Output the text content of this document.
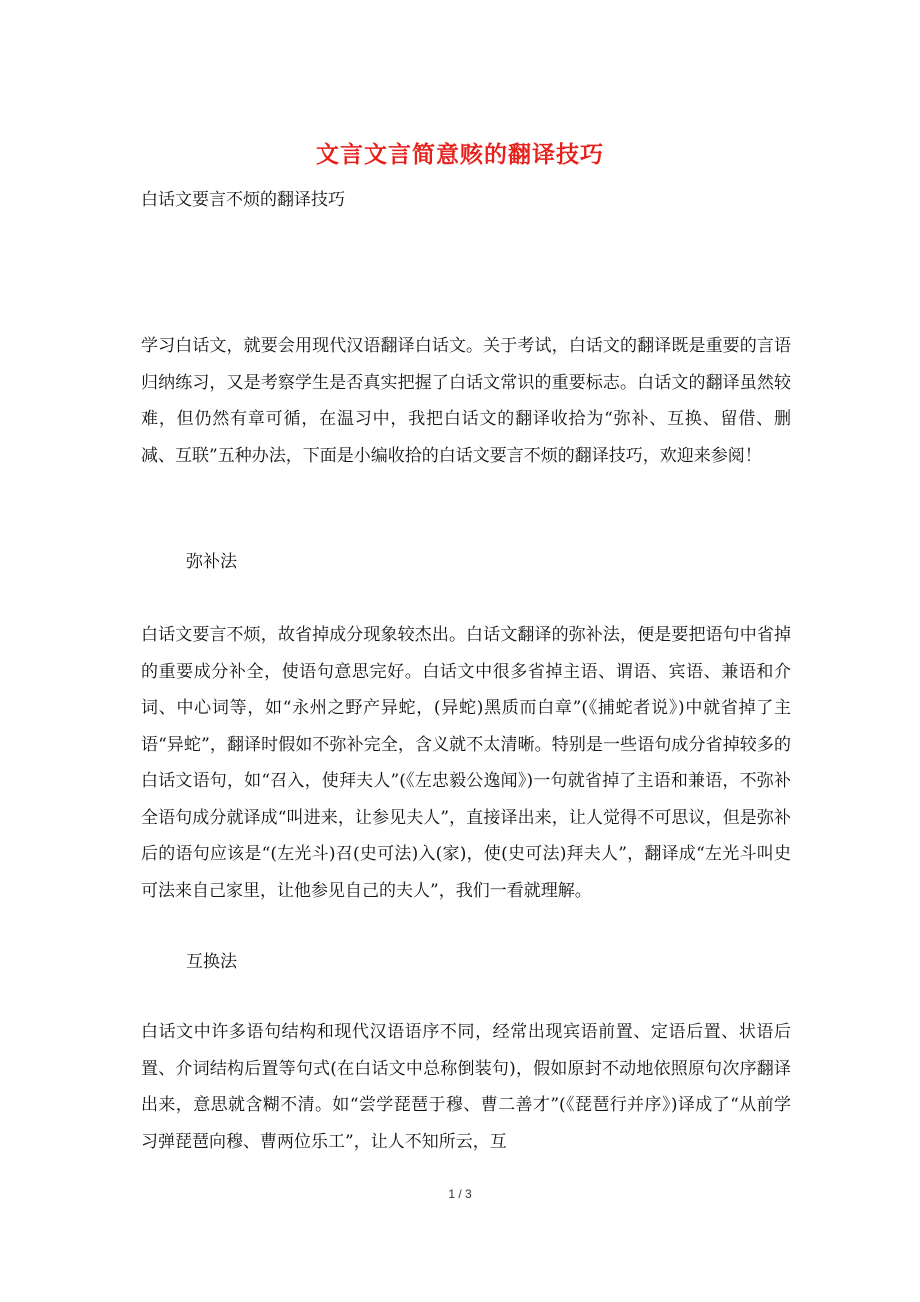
文言文言简意赅的翻译技巧
白话文要言不烦的翻译技巧

学习白话文，就要会用现代汉语翻译白话文。关于考试，白话文的翻译既是重要的言语归纳练习，又是考察学生是否真实把握了白话文常识的重要标志。白话文的翻译虽然较难，但仍然有章可循，在温习中，我把白话文的翻译收拾为“弥补、互换、留借、删减、互联”五种办法，下面是小编收拾的白话文要言不烦的翻译技巧，欢迎来参阅！

弥补法

白话文要言不烦，故省掉成分现象较杰出。白话文翻译的弥补法，便是要把语句中省掉的重要成分补全，使语句意思完好。白话文中很多省掉主语、谓语、宾语、兼语和介词、中心词等，如“永州之野产异蛇，(异蛇)黑质而白章”(《捕蛇者说》)中就省掉了主语“异蛇”，翻译时假如不弥补完全，含义就不太清晰。特别是一些语句成分省掉较多的白话文语句，如“召入，使拜夫人”(《左忠毅公逸闻》)一句就省掉了主语和兼语，不弥补全语句成分就译成“叫进来，让参见夫人”，直接译出来，让人觉得不可思议，但是弥补后的语句应该是“(左光斗)召(史可法)入(家)，使(史可法)拜夫人”，翻译成“左光斗叫史可法来自己家里，让他参见自己的夫人”，我们一看就理解。

互换法

白话文中许多语句结构和现代汉语语序不同，经常出现宾语前置、定语后置、状语后置、介词结构后置等句式(在白话文中总称倒装句)，假如原封不动地依照原句次序翻译出来，意思就含糊不清。如“尝学琵琶于穆、曹二善才”(《琵琶行并序》)译成了“从前学习弹琵琶向穆、曹两位乐工”，让人不知所云，互

1 / 3
